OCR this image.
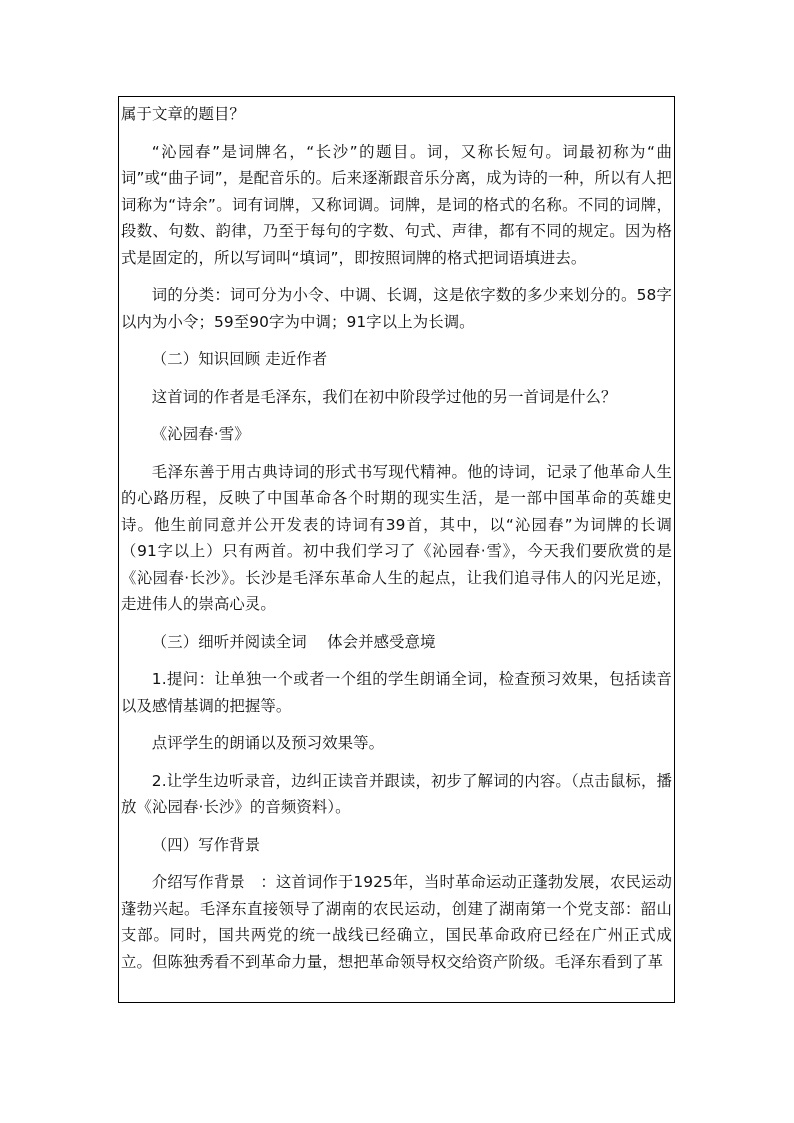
属于文章的题目？

“沁园春”是词牌名，“长沙”的题目。词，又称长短句。词最初称为“曲词”或“曲子词”，是配音乐的。后来逐渐跟音乐分离，成为诗的一种，所以有人把词称为“诗余”。词有词牌，又称词调。词牌，是词的格式的名称。不同的词牌，段数、句数、韵律，乃至于每句的字数、句式、声律，都有不同的规定。因为格式是固定的，所以写词叫“填词”，即按照词牌的格式把词语填进去。

词的分类：词可分为小令、中调、长调，这是依字数的多少来划分的。58字以内为小令；59至90字为中调；91字以上为长调。

（二）知识回顾 走近作者

这首词的作者是毛泽东，我们在初中阶段学过他的另一首词是什么？

《沁园春·雪》

毛泽东善于用古典诗词的形式书写现代精神。他的诗词，记录了他革命人生的心路历程，反映了中国革命各个时期的现实生活，是一部中国革命的英雄史诗。他生前同意并公开发表的诗词有39首，其中，以“沁园春”为词牌的长调（91字以上）只有两首。初中我们学习了《沁园春·雪》，今天我们要欣赏的是《沁园春·长沙》。长沙是毛泽东革命人生的起点，让我们追寻伟人的闪光足迹，走进伟人的崇高心灵。

（三）细听并阅读全词　 体会并感受意境

1.提问：让单独一个或者一个组的学生朗诵全词，检查预习效果，包括读音以及感情基调的把握等。

点评学生的朗诵以及预习效果等。

2.让学生边听录音，边纠正读音并跟读，初步了解词的内容。（点击鼠标，播放《沁园春·长沙》的音频资料）。

（四）写作背景

介绍写作背景　：这首词作于1925年，当时革命运动正蓬勃发展，农民运动蓬勃兴起。毛泽东直接领导了湖南的农民运动，创建了湖南第一个党支部：韶山支部。同时，国共两党的统一战线已经确立，国民革命政府已经在广州正式成立。但陈独秀看不到革命力量，想把革命领导权交给资产阶级。毛泽东看到了革
